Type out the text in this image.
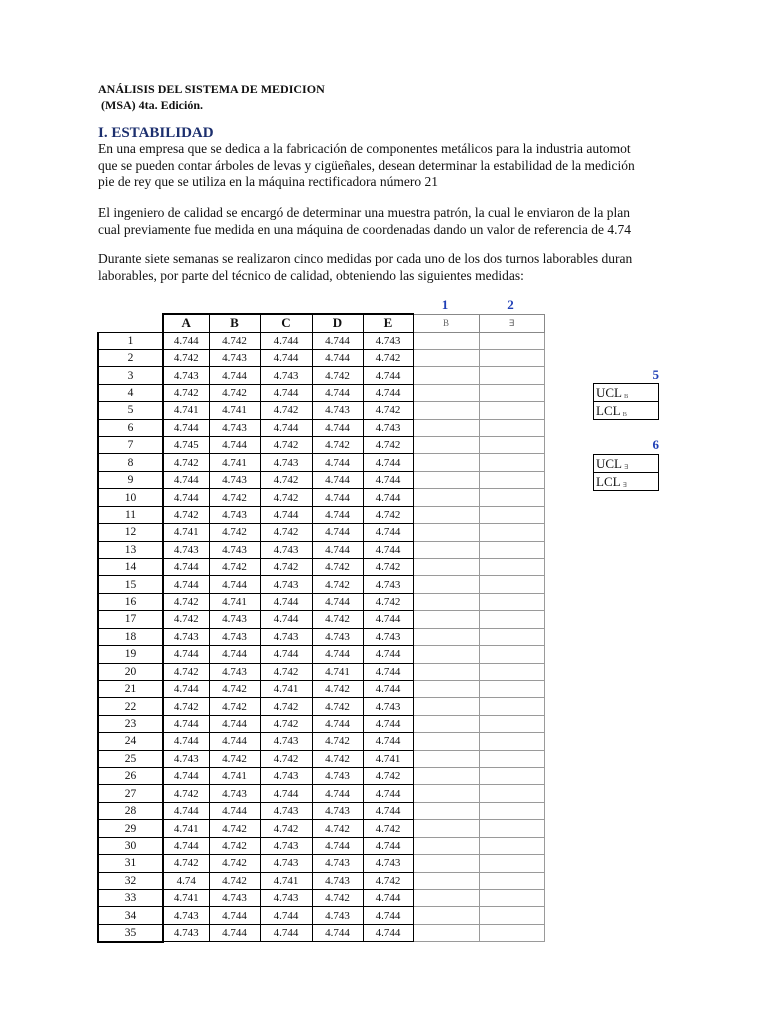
ANÁLISIS DEL SISTEMA DE MEDICION
(MSA) 4ta. Edición.
I. ESTABILIDAD
En una empresa que se dedica a la fabricación de componentes metálicos para la industria automot
que se pueden contar árboles de levas y cigüeñales, desean determinar la estabilidad de la medición
pie de rey que se utiliza en la máquina rectificadora número 21
El ingeniero de calidad se encargó de determinar una muestra patrón, la cual le enviaron de la plan
cual previamente fue medida en una máquina de coordenadas dando un valor de referencia de 4.74
Durante siete semanas se realizaron cinco medidas por cada uno de los dos turnos laborables duran
laborables, por parte del técnico de calidad, obteniendo las siguientes medidas:
1	2
	A	B	C	D	E	B	∃
1	4.744	4.742	4.744	4.744	4.743		
2	4.742	4.743	4.744	4.744	4.742		
3	4.743	4.744	4.743	4.742	4.744		
4	4.742	4.742	4.744	4.744	4.744		
5	4.741	4.741	4.742	4.743	4.742		
6	4.744	4.743	4.744	4.744	4.743		
7	4.745	4.744	4.742	4.742	4.742		
8	4.742	4.741	4.743	4.744	4.744		
9	4.744	4.743	4.742	4.744	4.744		
10	4.744	4.742	4.742	4.744	4.744		
11	4.742	4.743	4.744	4.744	4.742		
12	4.741	4.742	4.742	4.744	4.744		
13	4.743	4.743	4.743	4.744	4.744		
14	4.744	4.742	4.742	4.742	4.742		
15	4.744	4.744	4.743	4.742	4.743		
16	4.742	4.741	4.744	4.744	4.742		
17	4.742	4.743	4.744	4.742	4.744		
18	4.743	4.743	4.743	4.743	4.743		
19	4.744	4.744	4.744	4.744	4.744		
20	4.742	4.743	4.742	4.741	4.744		
21	4.744	4.742	4.741	4.742	4.744		
22	4.742	4.742	4.742	4.742	4.743		
23	4.744	4.744	4.742	4.744	4.744		
24	4.744	4.744	4.743	4.742	4.744		
25	4.743	4.742	4.742	4.742	4.741		
26	4.744	4.741	4.743	4.743	4.742		
27	4.742	4.743	4.744	4.744	4.744		
28	4.744	4.744	4.743	4.743	4.744		
29	4.741	4.742	4.742	4.742	4.742		
30	4.744	4.742	4.743	4.744	4.744		
31	4.742	4.742	4.743	4.743	4.743		
32	4.74	4.742	4.741	4.743	4.742		
33	4.741	4.743	4.743	4.742	4.744		
34	4.743	4.744	4.744	4.743	4.744		
35	4.743	4.744	4.744	4.744	4.744		
5
UCL B
LCL B
6
UCL ∃
LCL ∃
